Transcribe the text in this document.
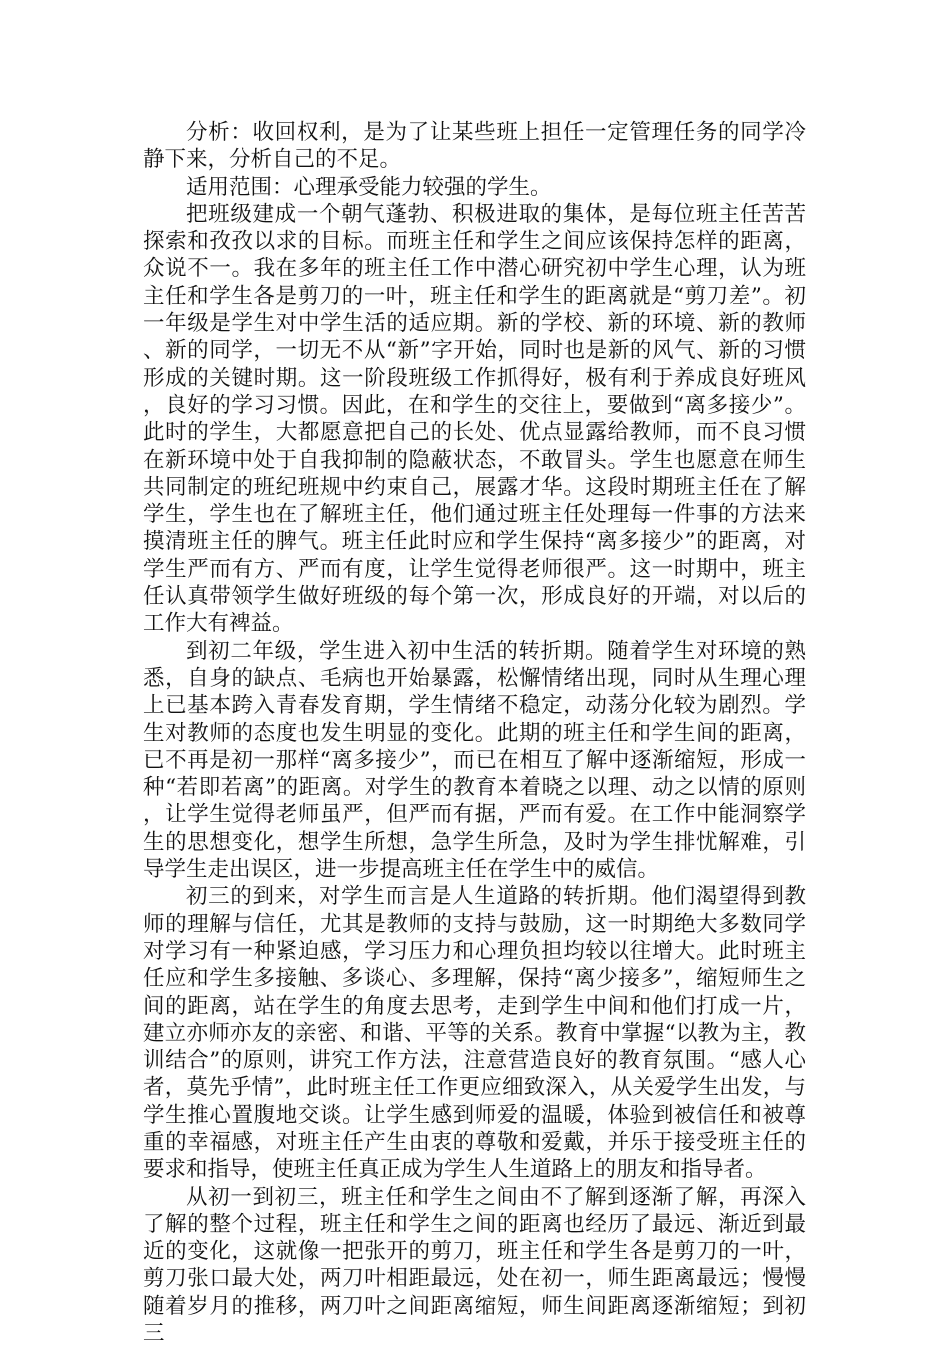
分析：收回权利，是为了让某些班上担任一定管理任务的同学冷静下来，分析自己的不足。

适用范围：心理承受能力较强的学生。

把班级建成一个朝气蓬勃、积极进取的集体，是每位班主任苦苦探索和孜孜以求的目标。而班主任和学生之间应该保持怎样的距离，众说不一。我在多年的班主任工作中潜心研究初中学生心理，认为班主任和学生各是剪刀的一叶，班主任和学生的距离就是“剪刀差”。初一年级是学生对中学生活的适应期。新的学校、新的环境、新的教师、新的同学，一切无不从“新”字开始，同时也是新的风气、新的习惯形成的关键时期。这一阶段班级工作抓得好，极有利于养成良好班风，良好的学习习惯。因此，在和学生的交往上，要做到“离多接少”。此时的学生，大都愿意把自己的长处、优点显露给教师，而不良习惯在新环境中处于自我抑制的隐蔽状态，不敢冒头。学生也愿意在师生共同制定的班纪班规中约束自己，展露才华。这段时期班主任在了解学生，学生也在了解班主任，他们通过班主任处理每一件事的方法来摸清班主任的脾气。班主任此时应和学生保持“离多接少”的距离，对学生严而有方、严而有度，让学生觉得老师很严。这一时期中，班主任认真带领学生做好班级的每个第一次，形成良好的开端，对以后的工作大有裨益。

到初二年级，学生进入初中生活的转折期。随着学生对环境的熟悉，自身的缺点、毛病也开始暴露，松懈情绪出现，同时从生理心理上已基本跨入青春发育期，学生情绪不稳定，动荡分化较为剧烈。学生对教师的态度也发生明显的变化。此期的班主任和学生间的距离，已不再是初一那样“离多接少”，而已在相互了解中逐渐缩短，形成一种“若即若离”的距离。对学生的教育本着晓之以理、动之以情的原则，让学生觉得老师虽严，但严而有据，严而有爱。在工作中能洞察学生的思想变化，想学生所想，急学生所急，及时为学生排忧解难，引导学生走出误区，进一步提高班主任在学生中的威信。

初三的到来，对学生而言是人生道路的转折期。他们渴望得到教师的理解与信任，尤其是教师的支持与鼓励，这一时期绝大多数同学对学习有一种紧迫感，学习压力和心理负担均较以往增大。此时班主任应和学生多接触、多谈心、多理解，保持“离少接多”，缩短师生之间的距离，站在学生的角度去思考，走到学生中间和他们打成一片，建立亦师亦友的亲密、和谐、平等的关系。教育中掌握“以教为主，教训结合”的原则，讲究工作方法，注意营造良好的教育氛围。“感人心者，莫先乎情”，此时班主任工作更应细致深入，从关爱学生出发，与学生推心置腹地交谈。让学生感到师爱的温暖，体验到被信任和被尊重的幸福感，对班主任产生由衷的尊敬和爱戴，并乐于接受班主任的要求和指导，使班主任真正成为学生人生道路上的朋友和指导者。

从初一到初三，班主任和学生之间由不了解到逐渐了解，再深入了解的整个过程，班主任和学生之间的距离也经历了最远、渐近到最近的变化，这就像一把张开的剪刀，班主任和学生各是剪刀的一叶，剪刀张口最大处，两刀叶相距最远，处在初一，师生距离最远；慢慢随着岁月的推移，两刀叶之间距离缩短，师生间距离逐渐缩短；到初三
